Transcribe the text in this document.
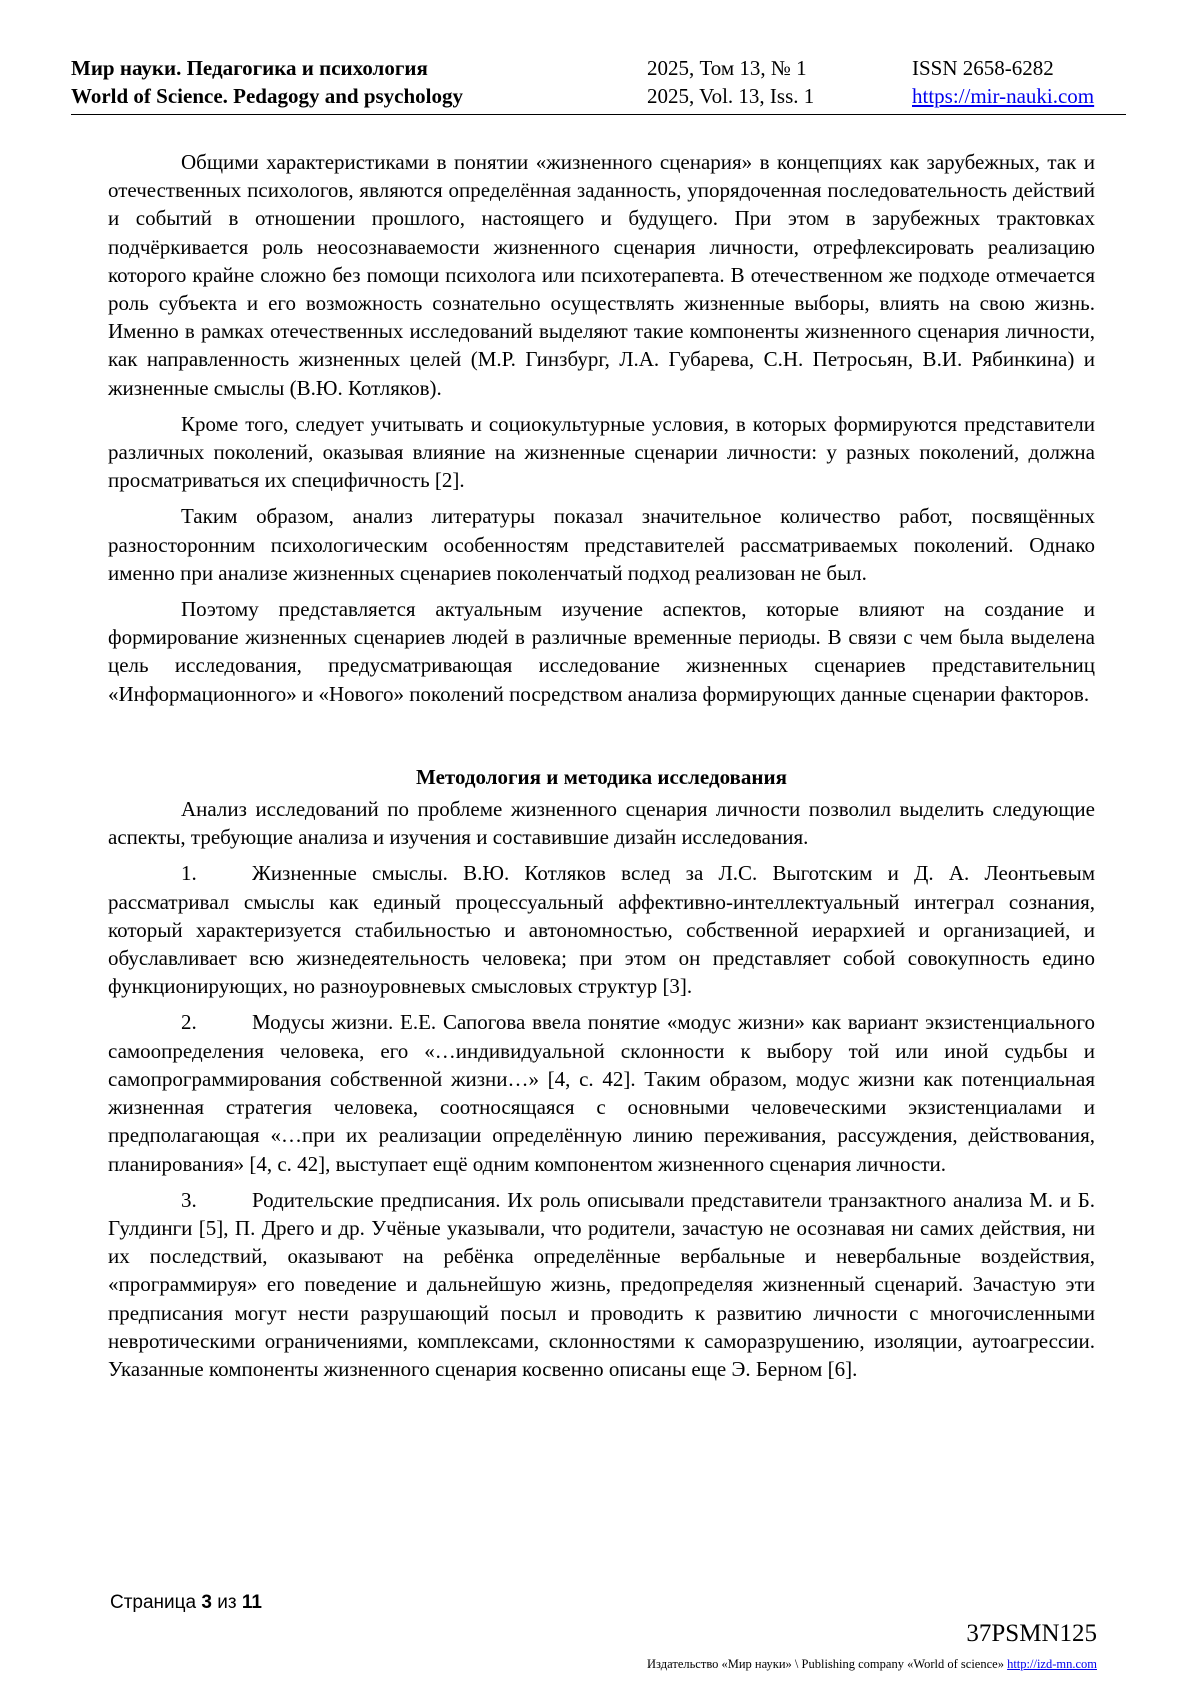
Мир науки. Педагогика и психология
World of Science. Pedagogy and psychology
2025, Том 13, № 1
2025, Vol. 13, Iss. 1
ISSN 2658-6282
https://mir-nauki.com

Общими характеристиками в понятии «жизненного сценария» в концепциях как зарубежных, так и отечественных психологов, являются определённая заданность, упорядоченная последовательность действий и событий в отношении прошлого, настоящего и будущего. При этом в зарубежных трактовках подчёркивается роль неосознаваемости жизненного сценария личности, отрефлексировать реализацию которого крайне сложно без помощи психолога или психотерапевта. В отечественном же подходе отмечается роль субъекта и его возможность сознательно осуществлять жизненные выборы, влиять на свою жизнь. Именно в рамках отечественных исследований выделяют такие компоненты жизненного сценария личности, как направленность жизненных целей (М.Р. Гинзбург, Л.А. Губарева, С.Н. Петросьян, В.И. Рябинкина) и жизненные смыслы (В.Ю. Котляков).

Кроме того, следует учитывать и социокультурные условия, в которых формируются представители различных поколений, оказывая влияние на жизненные сценарии личности: у разных поколений, должна просматриваться их специфичность [2].

Таким образом, анализ литературы показал значительное количество работ, посвящённых разносторонним психологическим особенностям представителей рассматриваемых поколений. Однако именно при анализе жизненных сценариев поколенчатый подход реализован не был.

Поэтому представляется актуальным изучение аспектов, которые влияют на создание и формирование жизненных сценариев людей в различные временные периоды. В связи с чем была выделена цель исследования, предусматривающая исследование жизненных сценариев представительниц «Информационного» и «Нового» поколений посредством анализа формирующих данные сценарии факторов.

Методология и методика исследования

Анализ исследований по проблеме жизненного сценария личности позволил выделить следующие аспекты, требующие анализа и изучения и составившие дизайн исследования.

1.	Жизненные смыслы. В.Ю. Котляков вслед за Л.С. Выготским и Д. А. Леонтьевым рассматривал смыслы как единый процессуальный аффективно-интеллектуальный интеграл сознания, который характеризуется стабильностью и автономностью, собственной иерархией и организацией, и обуславливает всю жизнедеятельность человека; при этом он представляет собой совокупность едино функционирующих, но разноуровневых смысловых структур [3].

2.	Модусы жизни. Е.Е. Сапогова ввела понятие «модус жизни» как вариант экзистенциального самоопределения человека, его «…индивидуальной склонности к выбору той или иной судьбы и самопрограммирования собственной жизни…» [4, с. 42]. Таким образом, модус жизни как потенциальная жизненная стратегия человека, соотносящаяся с основными человеческими экзистенциалами и предполагающая «…при их реализации определённую линию переживания, рассуждения, действования, планирования» [4, с. 42], выступает ещё одним компонентом жизненного сценария личности.

3.	Родительские предписания. Их роль описывали представители транзактного анализа М. и Б. Гулдинги [5], П. Дрего и др. Учёные указывали, что родители, зачастую не осознавая ни самих действия, ни их последствий, оказывают на ребёнка определённые вербальные и невербальные воздействия, «программируя» его поведение и дальнейшую жизнь, предопределяя жизненный сценарий. Зачастую эти предписания могут нести разрушающий посыл и проводить к развитию личности с многочисленными невротическими ограничениями, комплексами, склонностями к саморазрушению, изоляции, аутоагрессии. Указанные компоненты жизненного сценария косвенно описаны еще Э. Берном [6].

Страница 3 из 11
37PSMN125
Издательство «Мир науки» \ Publishing company «World of science» http://izd-mn.com
